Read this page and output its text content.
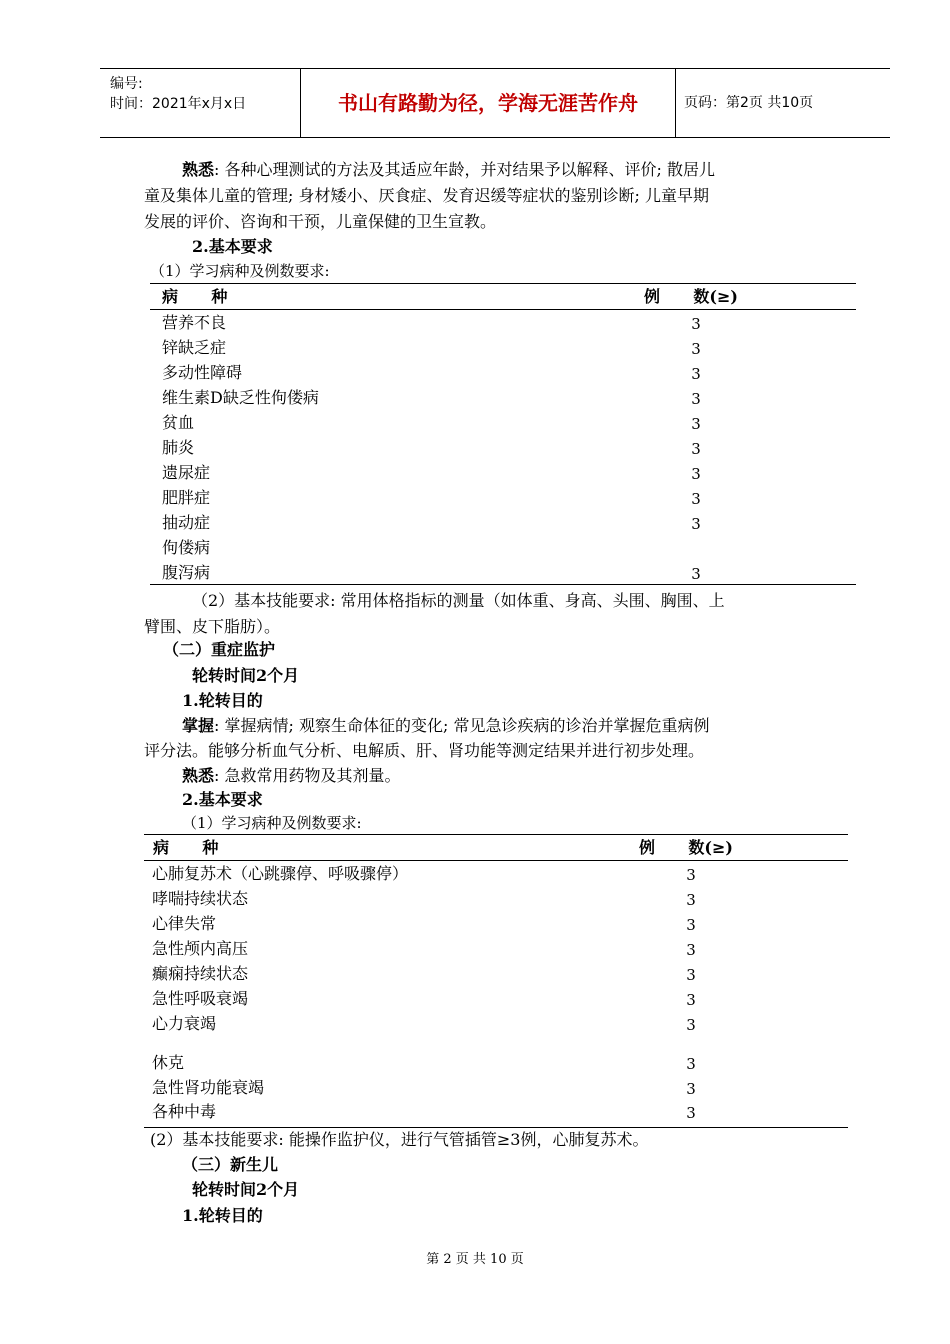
编号:
时间：2021年x月x日	书山有路勤为径，学海无涯苦作舟	页码：第2页 共10页
熟悉: 各种心理测试的方法及其适应年龄，并对结果予以解释、评价; 散居儿
童及集体儿童的管理; 身材矮小、厌食症、发育迟缓等症状的鉴别诊断; 儿童早期
发展的评价、咨询和干预，儿童保健的卫生宣教。
2.基本要求
（1）学习病种及例数要求:
病      种	例      数(≥)
营养不良	3
锌缺乏症	3
多动性障碍	3
维生素D缺乏性佝偻病	3
贫血	3
肺炎	3
遗尿症	3
肥胖症	3
抽动症	3
佝偻病
腹泻病	3
（2）基本技能要求: 常用体格指标的测量（如体重、身高、头围、胸围、上
臂围、皮下脂肪）。
（二）重症监护
轮转时间2个月
1.轮转目的
掌握: 掌握病情; 观察生命体征的变化; 常见急诊疾病的诊治并掌握危重病例
评分法。能够分析血气分析、电解质、肝、肾功能等测定结果并进行初步处理。
熟悉: 急救常用药物及其剂量。
2.基本要求
（1）学习病种及例数要求:
病      种	例      数(≥)
心肺复苏术（心跳骤停、呼吸骤停）	3
哮喘持续状态	3
心律失常	3
急性颅内高压	3
癫痫持续状态	3
急性呼吸衰竭	3
心力衰竭	3
休克	3
急性肾功能衰竭	3
各种中毒	3
(2）基本技能要求: 能操作监护仪，进行气管插管≥3例，心肺复苏术。
（三）新生儿
轮转时间2个月
1.轮转目的
第 2 页 共 10 页
